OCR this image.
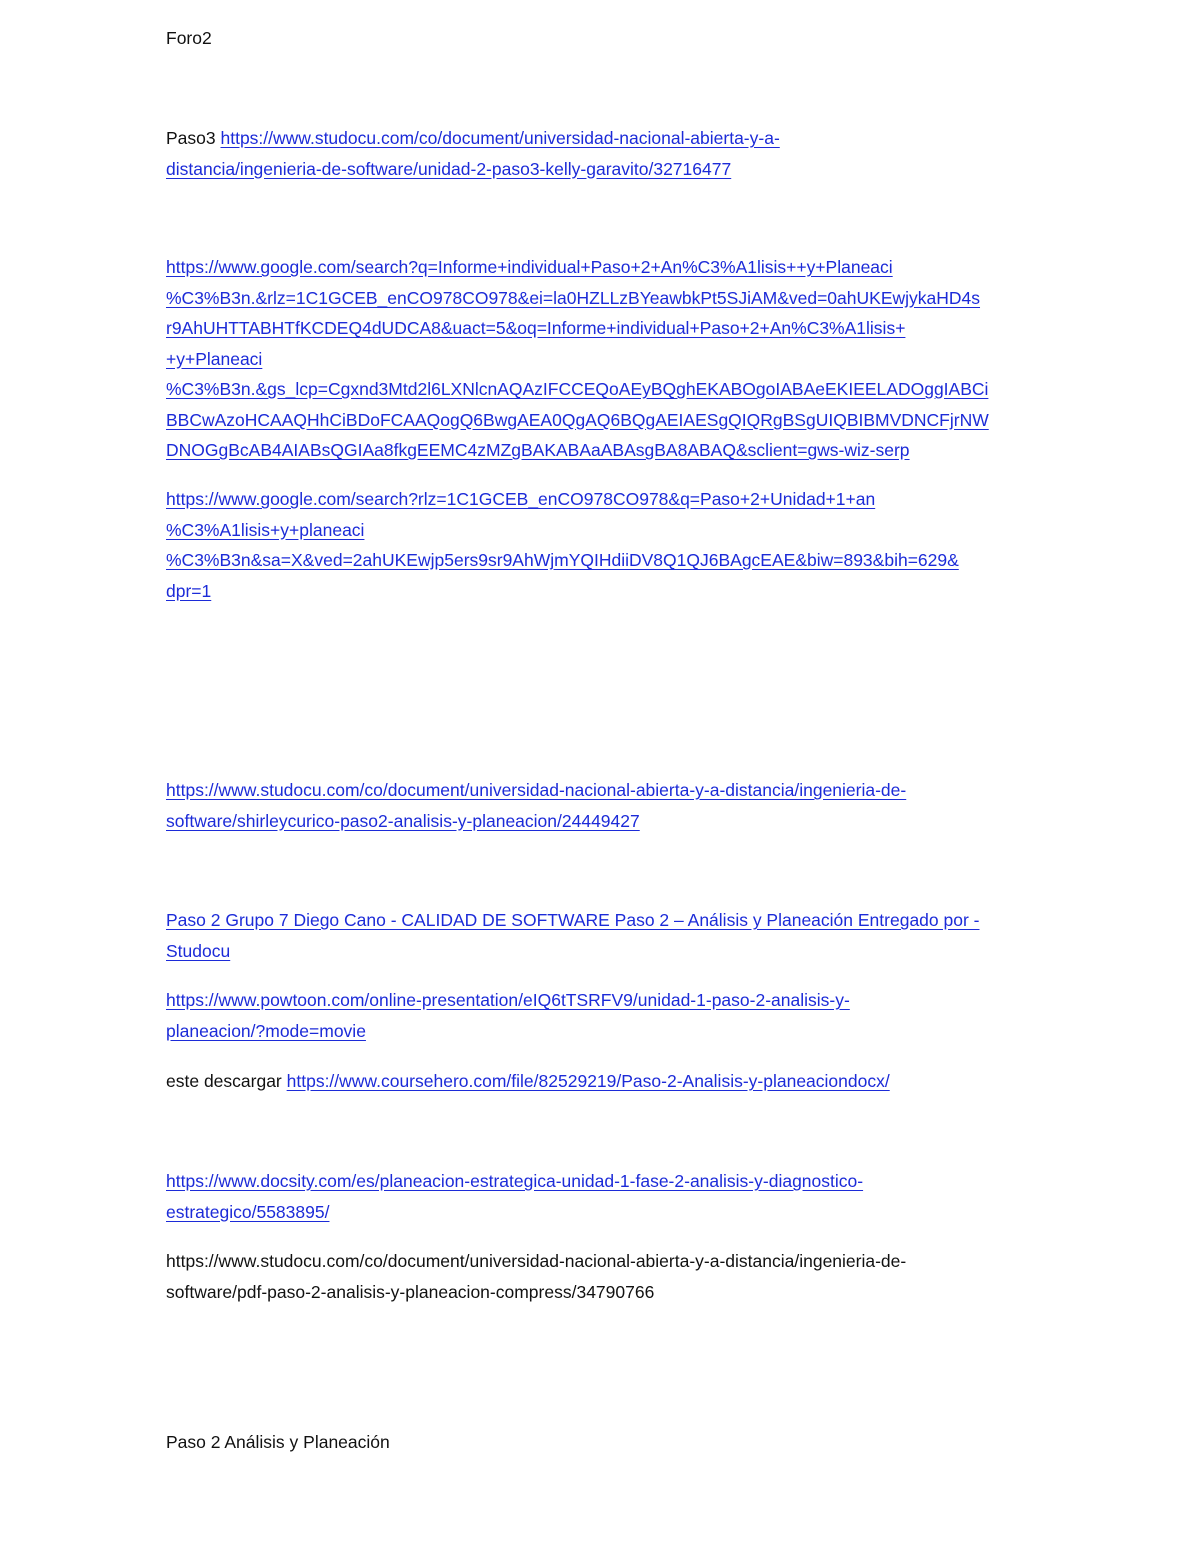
Foro2
Paso3 https://www.studocu.com/co/document/universidad-nacional-abierta-y-a-
distancia/ingenieria-de-software/unidad-2-paso3-kelly-garavito/32716477
https://www.google.com/search?q=Informe+individual+Paso+2+An%C3%A1lisis++y+Planeaci
%C3%B3n.&rlz=1C1GCEB_enCO978CO978&ei=la0HZLLzBYeawbkPt5SJiAM&ved=0ahUKEwjykaHD4s
r9AhUHTTABHTfKCDEQ4dUDCA8&uact=5&oq=Informe+individual+Paso+2+An%C3%A1lisis+
+y+Planeaci
%C3%B3n.&gs_lcp=Cgxnd3Mtd2l6LXNlcnAQAzIFCCEQoAEyBQghEKABOgoIABAeEKIEELADOggIABCi
BBCwAzoHCAAQHhCiBDoFCAAQogQ6BwgAEA0QgAQ6BQgAEIAESgQIQRgBSgUIQBIBMVDNCFjrNW
DNOGgBcAB4AIABsQGIAa8fkgEEMC4zMZgBAKABAaABAsgBA8ABAQ&sclient=gws-wiz-serp
https://www.google.com/search?rlz=1C1GCEB_enCO978CO978&q=Paso+2+Unidad+1+an
%C3%A1lisis+y+planeaci
%C3%B3n&sa=X&ved=2ahUKEwjp5ers9sr9AhWjmYQIHdiiDV8Q1QJ6BAgcEAE&biw=893&bih=629&
dpr=1
https://www.studocu.com/co/document/universidad-nacional-abierta-y-a-distancia/ingenieria-de-
software/shirleycurico-paso2-analisis-y-planeacion/24449427
Paso 2 Grupo 7 Diego Cano - CALIDAD DE SOFTWARE Paso 2 – Análisis y Planeación Entregado por -
Studocu
https://www.powtoon.com/online-presentation/eIQ6tTSRFV9/unidad-1-paso-2-analisis-y-
planeacion/?mode=movie
este descargar https://www.coursehero.com/file/82529219/Paso-2-Analisis-y-planeaciondocx/
https://www.docsity.com/es/planeacion-estrategica-unidad-1-fase-2-analisis-y-diagnostico-
estrategico/5583895/
https://www.studocu.com/co/document/universidad-nacional-abierta-y-a-distancia/ingenieria-de-
software/pdf-paso-2-analisis-y-planeacion-compress/34790766
Paso 2 Análisis y Planeación
